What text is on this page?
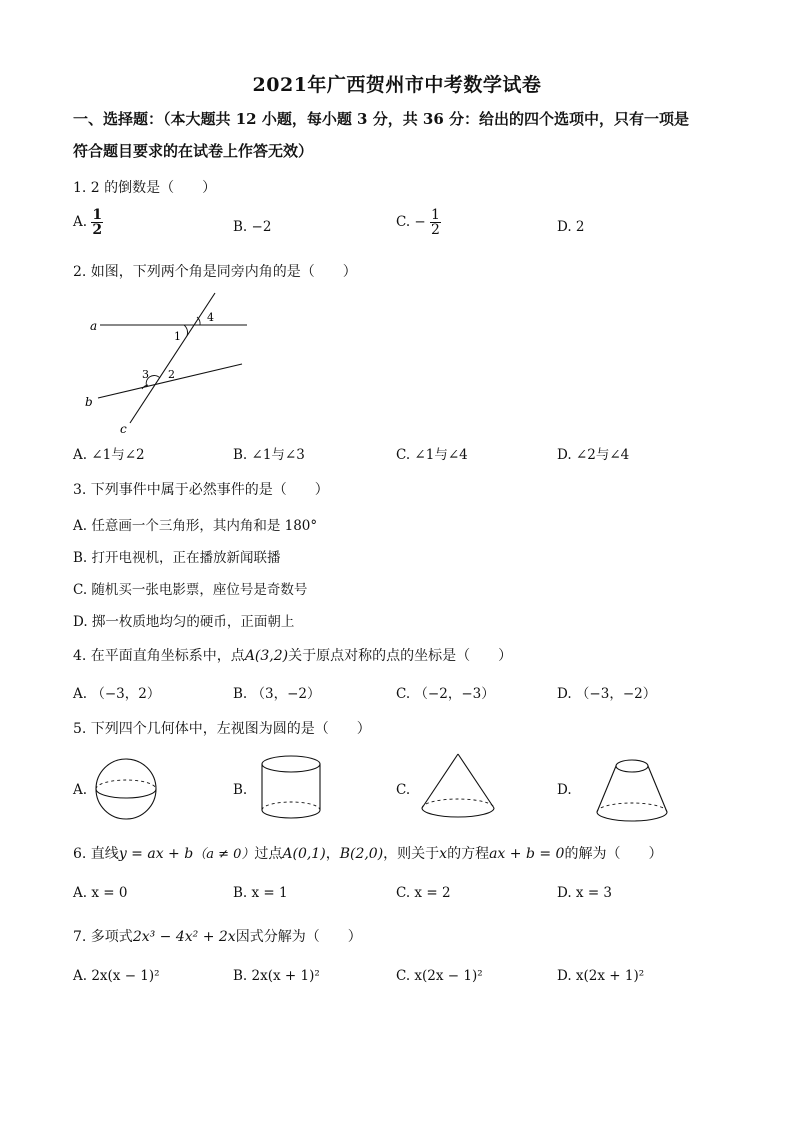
2021年广西贺州市中考数学试卷
一、选择题：（本大题共 12 小题，每小题 3 分，共 36 分：给出的四个选项中，只有一项是
符合题目要求的在试卷上作答无效）
1. 2 的倒数是（　　）
A. $\frac{1}{2}$	B. −2	C. − $\frac{1}{2}$	D. 2
2. 如图，下列两个角是同旁内角的是（　　）
a
b
c
1
2
3
4
A. ∠1与∠2	B. ∠1与∠3	C. ∠1与∠4	D. ∠2与∠4
3. 下列事件中属于必然事件的是（　　）
A. 任意画一个三角形，其内角和是 180°
B. 打开电视机，正在播放新闻联播
C. 随机买一张电影票，座位号是奇数号
D. 掷一枚质地均匀的硬币，正面朝上
4. 在平面直角坐标系中，点A(3,2)关于原点对称的点的坐标是（　　）
A. （−3，2）	B. （3，−2）	C. （−2，−3）	D. （−3，−2）
5. 下列四个几何体中，左视图为圆的是（　　）
A.	B.	C.	D.
6. 直线y = ax + b（a ≠ 0）过点A(0,1)，B(2,0)，则关于x的方程ax + b = 0的解为（　　）
A. x = 0	B. x = 1	C. x = 2	D. x = 3
7. 多项式2x³ − 4x² + 2x因式分解为（　　）
A. 2x(x − 1)²	B. 2x(x + 1)²	C. x(2x − 1)²	D. x(2x + 1)²
